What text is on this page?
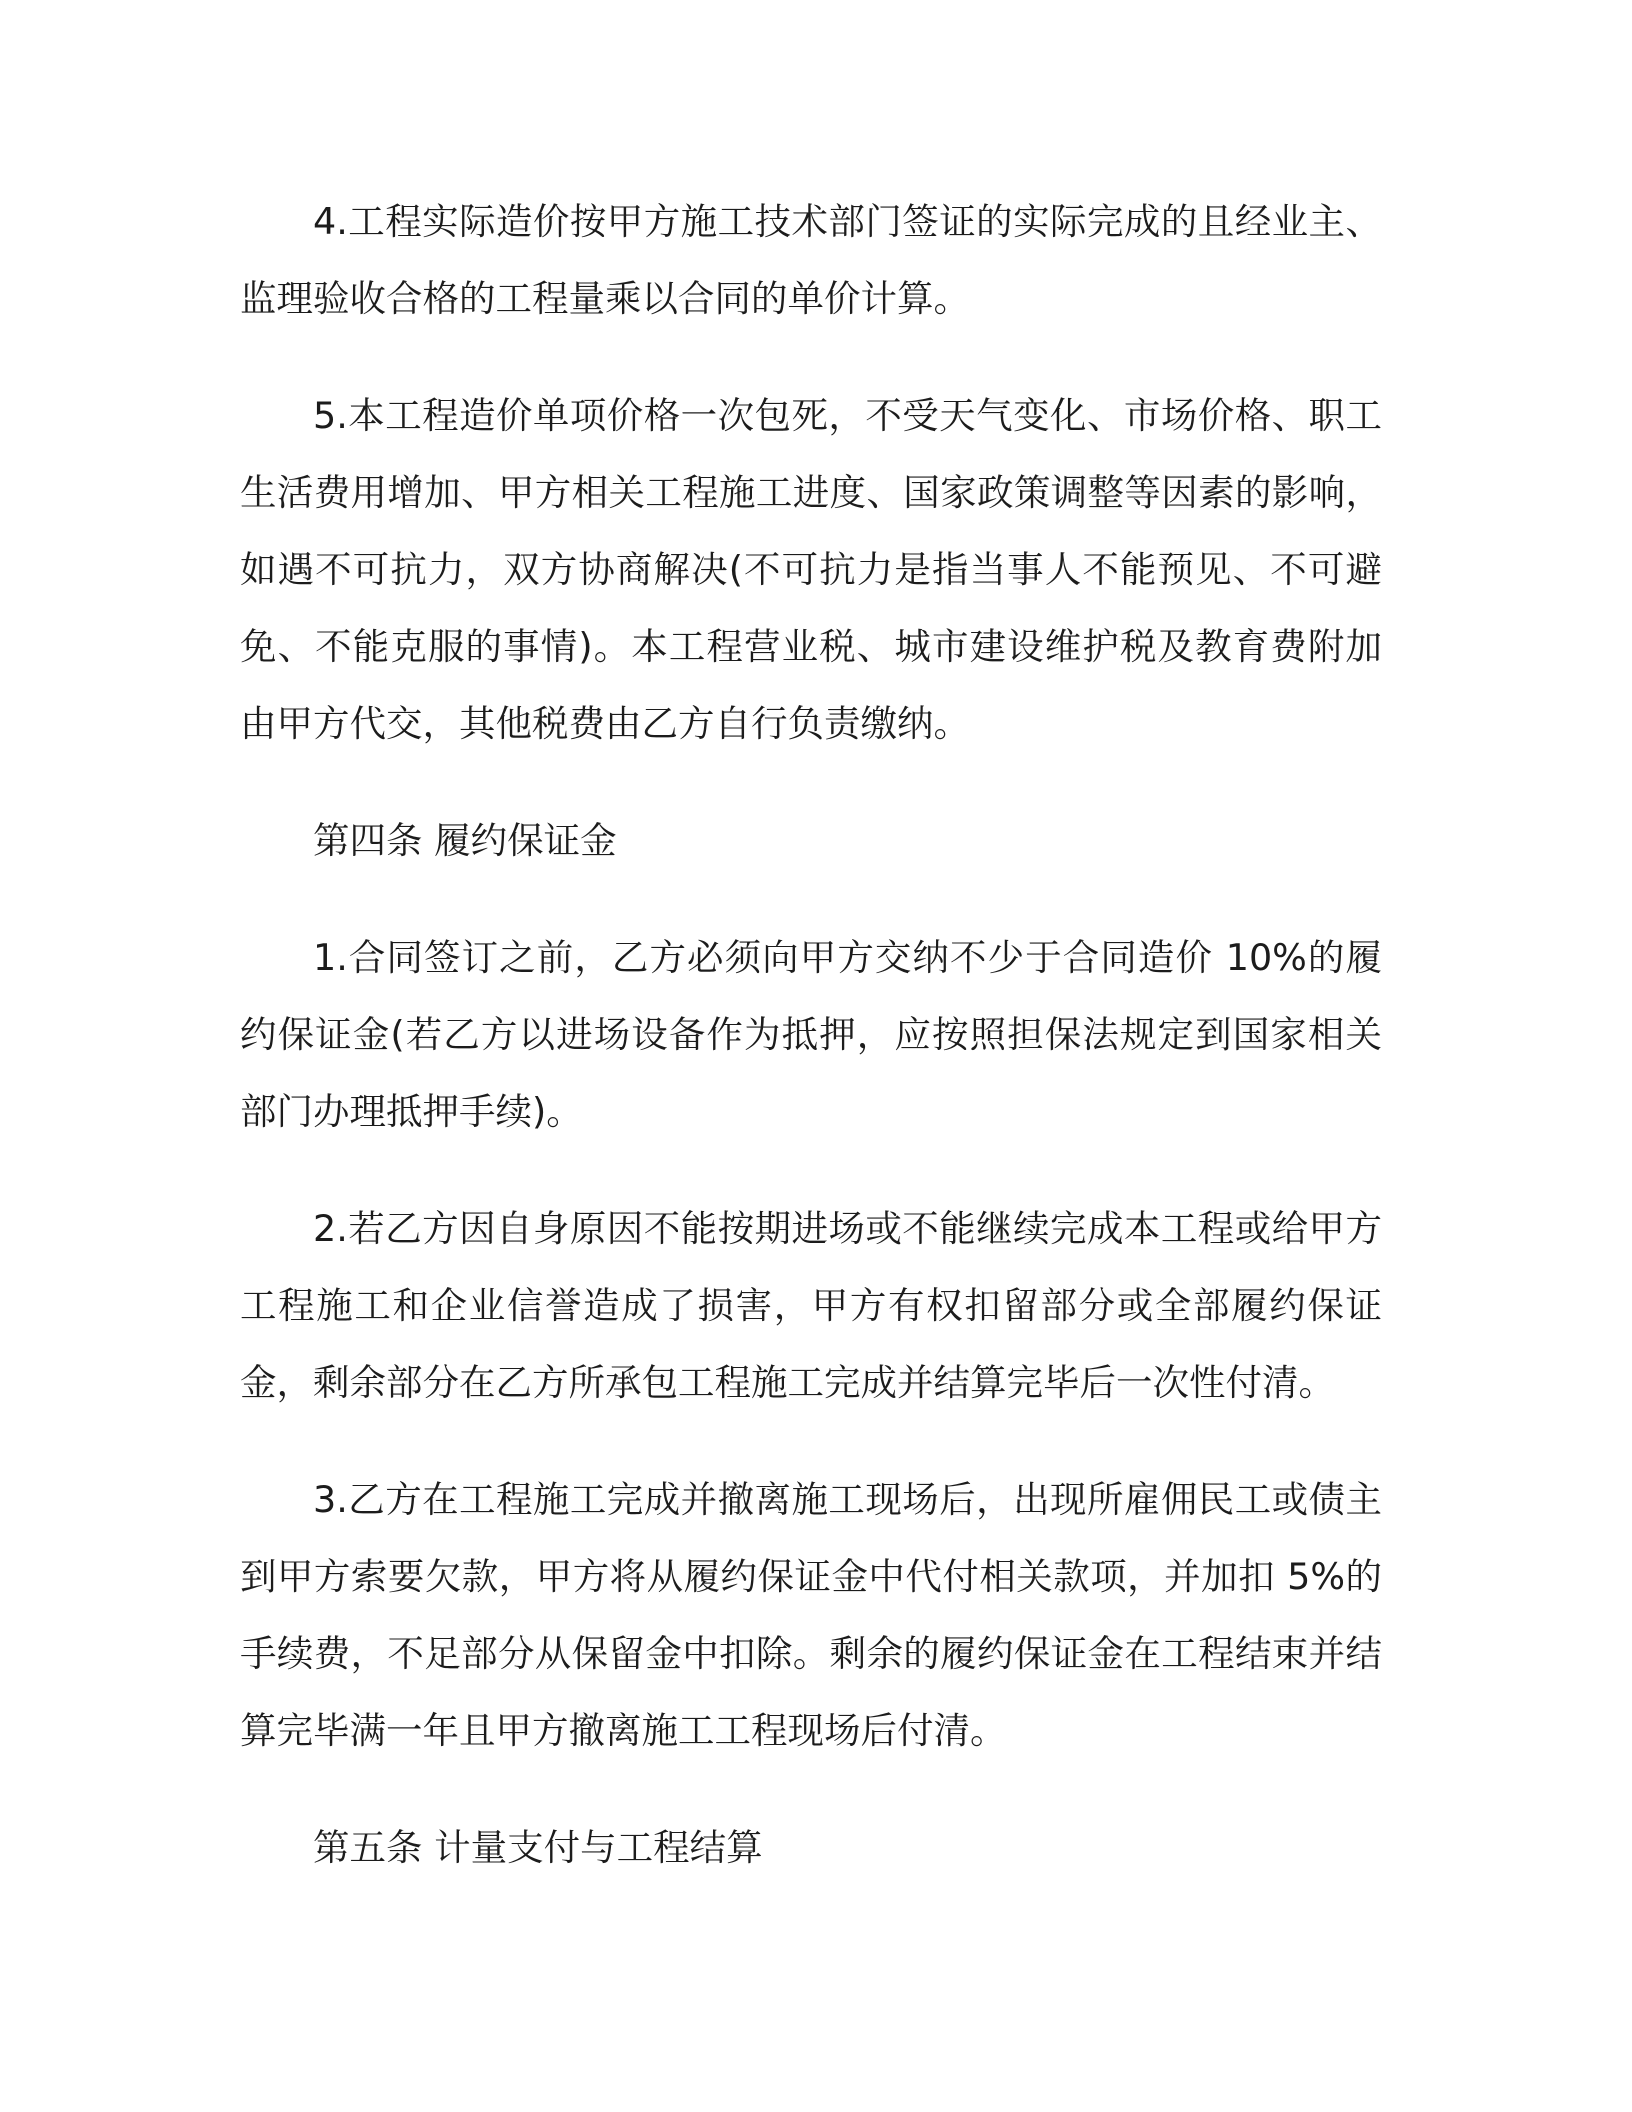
4.工程实际造价按甲方施工技术部门签证的实际完成的且经业主、监理验收合格的工程量乘以合同的单价计算。

5.本工程造价单项价格一次包死，不受天气变化、市场价格、职工生活费用增加、甲方相关工程施工进度、国家政策调整等因素的影响，如遇不可抗力，双方协商解决(不可抗力是指当事人不能预见、不可避免、不能克服的事情)。本工程营业税、城市建设维护税及教育费附加由甲方代交，其他税费由乙方自行负责缴纳。

第四条 履约保证金

1.合同签订之前，乙方必须向甲方交纳不少于合同造价 10%的履约保证金(若乙方以进场设备作为抵押，应按照担保法规定到国家相关部门办理抵押手续)。

2.若乙方因自身原因不能按期进场或不能继续完成本工程或给甲方工程施工和企业信誉造成了损害，甲方有权扣留部分或全部履约保证金，剩余部分在乙方所承包工程施工完成并结算完毕后一次性付清。

3.乙方在工程施工完成并撤离施工现场后，出现所雇佣民工或债主到甲方索要欠款，甲方将从履约保证金中代付相关款项，并加扣 5%的手续费，不足部分从保留金中扣除。剩余的履约保证金在工程结束并结算完毕满一年且甲方撤离施工工程现场后付清。

第五条 计量支付与工程结算
